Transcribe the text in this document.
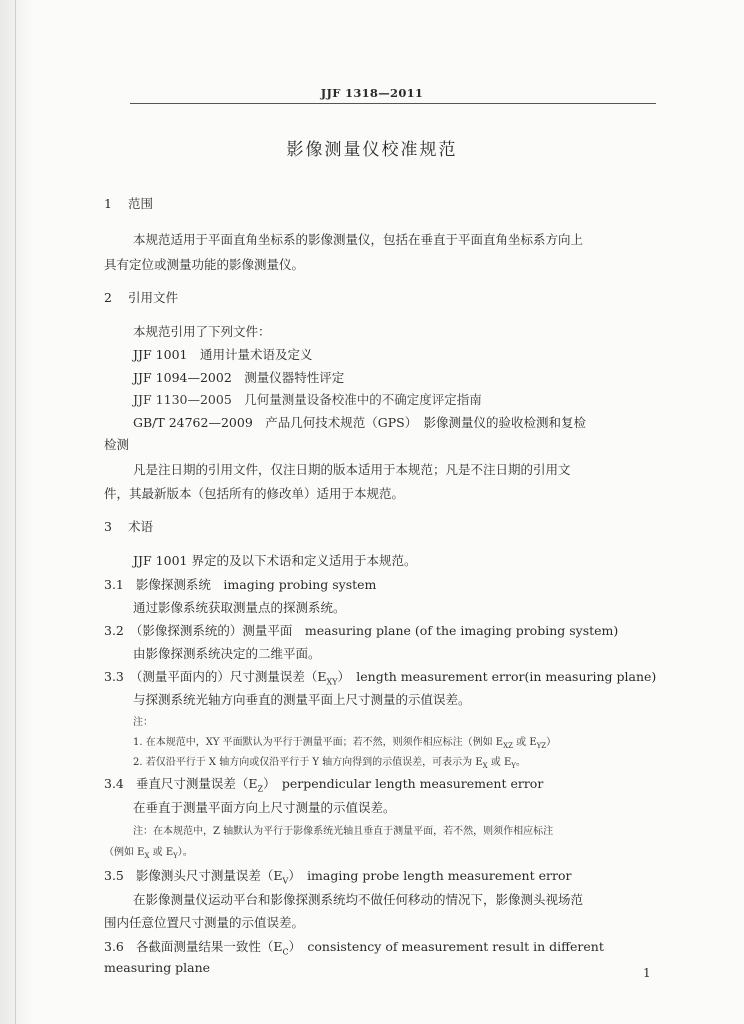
JJF 1318—2011
影像测量仪校准规范
1 范围
本规范适用于平面直角坐标系的影像测量仪，包括在垂直于平面直角坐标系方向上
具有定位或测量功能的影像测量仪。
2 引用文件
本规范引用了下列文件：
JJF 1001　通用计量术语及定义
JJF 1094—2002　测量仪器特性评定
JJF 1130—2005　几何量测量设备校准中的不确定度评定指南
GB/T 24762—2009　产品几何技术规范（GPS）　影像测量仪的验收检测和复检
检测
凡是注日期的引用文件，仅注日期的版本适用于本规范；凡是不注日期的引用文
件，其最新版本（包括所有的修改单）适用于本规范。
3 术语
JJF 1001 界定的及以下术语和定义适用于本规范。
3.1 影像探测系统　imaging probing system
通过影像系统获取测量点的探测系统。
3.2 （影像探测系统的）测量平面　measuring plane (of the imaging probing system)
由影像探测系统决定的二维平面。
3.3 （测量平面内的）尺寸测量误差$(E_{XY})$　length measurement error(in measuring plane)
与探测系统光轴方向垂直的测量平面上尺寸测量的示值误差。
注：
1. 在本规范中，XY 平面默认为平行于测量平面；若不然，则须作相应标注（例如 $E_{XZ}$ 或 $E_{YZ}$）
2. 若仅沿平行于 X 轴方向或仅沿平行于 Y 轴方向得到的示值误差，可表示为 $E_X$ 或 $E_Y$。
3.4 垂直尺寸测量误差$(E_Z)$　perpendicular length measurement error
在垂直于测量平面方向上尺寸测量的示值误差。
注：在本规范中，Z 轴默认为平行于影像系统光轴且垂直于测量平面，若不然，则须作相应标注
（例如 $E_X$ 或 $E_Y$）。
3.5 影像测头尺寸测量误差$(E_V)$　imaging probe length measurement error
在影像测量仪运动平台和影像探测系统均不做任何移动的情况下，影像测头视场范
围内任意位置尺寸测量的示值误差。
3.6 各截面测量结果一致性$(E_C)$　consistency of measurement result in different
measuring plane	1
